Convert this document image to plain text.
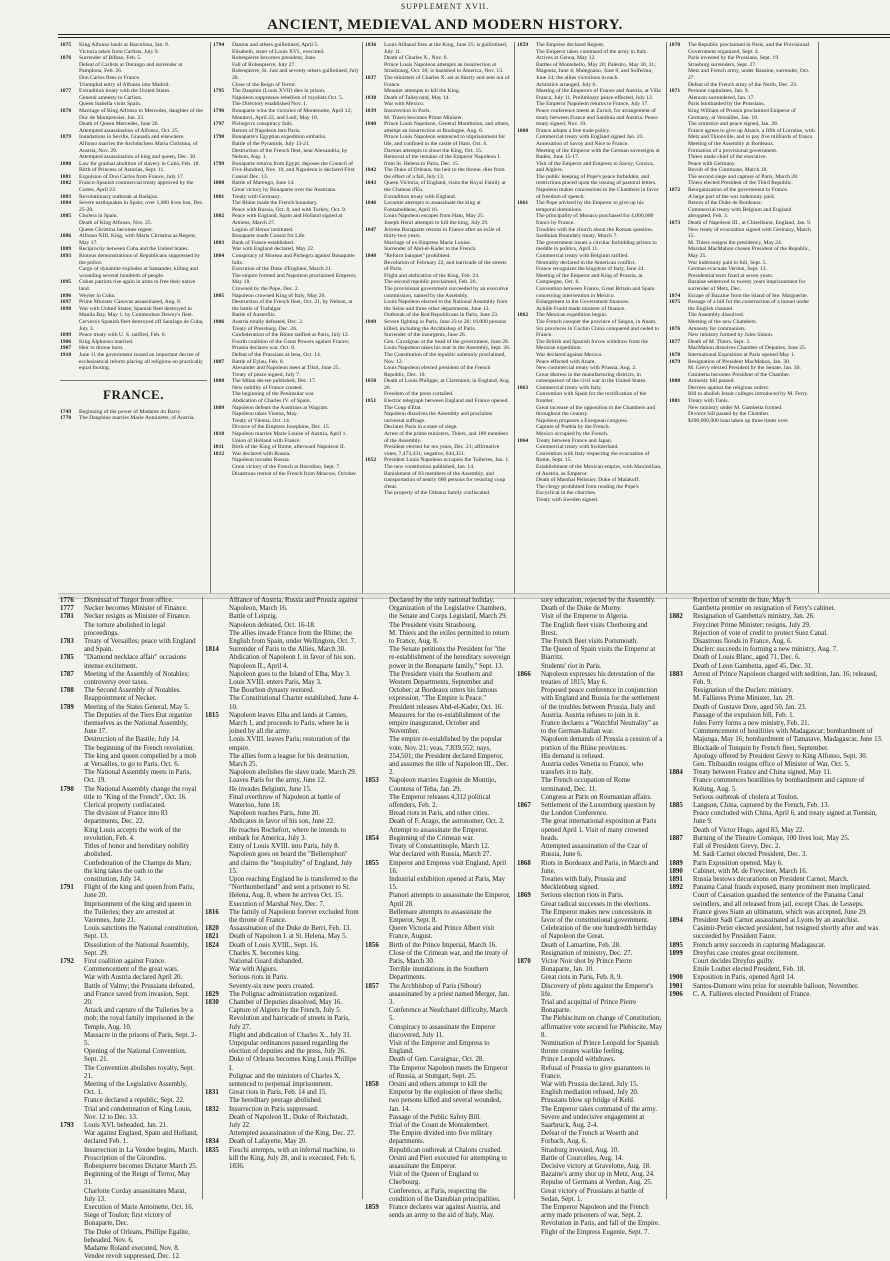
SUPPLEMENT XVII.
ANCIENT, MEDIEVAL AND MODERN HISTORY.
1875	King Alfonso lands at Barcelona, Jan. 9.
Victoria taken from Carlists, July 9.
1876	Surrender of Bilbao, Feb. 5.
Defeat of Carlists at Durango and surrender at Pamplona, Feb. 26.
Don Carlos flees to France.
Triumphal entry of Alfonso into Madrid.
1877	Extradition treaty with the United States.
General amnesty to Carlists.
Queen Isabella visits Spain.
1878	Marriage of King Alfonso to Mercedes, daughter of the Duc de Montpensier, Jan. 23.
Death of Queen Mercedes, June 26.
Attempted assassination of Alfonso, Oct. 25.
1879	Inundations in Seville, Granada and elsewhere.
Alfonso marries the Archduchess Maria Christina, of Austria, Nov. 29.
Attempted assassination of king and queen, Dec. 30.
1880	Law for gradual abolition of slavery in Cuba, Feb. 18.
Birth of Princess of Asturias, Sept. 11.
1881	Expulsion of Don Carlos from France, July 17.
1882	Franco-Spanish commercial treaty approved by the Cortes, April 23.
1883	Revolutionary outbreak at Badajoz.
1884	Severe earthquakes in Spain; over 1,000 lives lost, Dec. 25-28.
1885	Cholera in Spain.
Death of King Alfonso, Nov. 25.
Queen Christina becomes regent.
1886	Alfonso XIII. King, with Maria Christina as Regent, May 17.
1889	Reciprocity between Cuba and the United States.
1893	Riotous demonstrations of Republicans suppressed by the police.
Cargo of dynamite explodes at Santander, killing and wounding several hundreds of people.
1895	Cuban patriots rise again in arms to free their native land.
1896	Weyler in Cuba.
1897	Prime Minister Canovas assassinated, Aug. 8.
1898	War with United States; Spanish fleet destroyed in Manila Bay, May 1, by Commodore Dewey's fleet.
Cervera's Spanish fleet destroyed off Santiago de Cuba, July 3.
1899	Peace treaty with U. S. ratified, Feb. 6.
1906	King Alphonso married.
1907	Heir to throne born.
1910	June 11 the government issued an important decree of ecclesiastical reform placing all religions on practically equal footing.
FRANCE.
1749	Beginning of the power of Madame du Barry.
1770	The Dauphine marries Marie Antoinette, of Austria.
1794	Danton and others guillotined, April 5.
Elisabeth, sister of Louis XVI., executed.
Robespierre becomes president, June.
Fall of Robespierre, July 27.
Robespierre, St. Just and seventy others guillotined, July 28.
Close of the Reign of Terror.
1795	The Dauphin (Louis XVII) dies in prison.
Napoleon suppresses rebellion of royalists Oct. 5.
The Directory established Nov. 1.
1796	Bonaparte wins the victories of Montenotte, April 12; Mondovi, April 22, and Lodi, May 10.
1797	Pichegru's conspiracy fails.
Return of Napoleon into Paris.
1798	Bonaparte's Egyptian expedition embarks.
Battle of the Pyramids, July 13-21.
Destruction of the French fleet, near Alexandria, by Nelson, Aug. 1.
1799	Bonaparte returns from Egypt; deposes the Council of Five Hundred, Nov. 10, and Napoleon is declared First Consul Dec. 13.
1800	Battle of Marengo, June 14.
Great victory by Bonaparte over the Austrians.
1801	Treaty with Germany.
The Rhine made the French boundary.
Peace with Russia, Oct. 8, and with Turkey, Oct. 9.
1802	Peace with England, Spain and Holland signed at Amiens, March 27.
Legion of Honor instituted.
Bonaparte made Consul for Life.
1803	Bank of France established.
War with England declared, May 22.
1804	Conspiracy of Moreau and Pichegru against Bonaparte fails.
Execution of the Duke d'Enghien, March 21.
The empire formed and Napoleon proclaimed Emperor, May 18.
Crowned by the Pope, Dec. 2.
1805	Napoleon crowned King of Italy, May 26.
Destruction of the French fleet, Oct. 21, by Nelson, at the battle of Trafalgar.
Battle of Austerlitz.
1806	Austria totally defeated, Dec. 2.
Treaty of Pressburg, Dec. 26.
Confederation of the Rhine ratified at Paris, July 12.
Fourth coalition of the Great Powers against France; Prussia declares war, Oct. 8.
Defeat of the Prussians at Jena, Oct. 14.
1807	Battle of Eylau, Feb. 8.
Alexander and Napoleon meet at Tilsit, June 25.
Treaty of peace signed, July 7.
1808	The Milan decree published, Dec. 17.
New nobility of France created.
The beginning of the Peninsular war.
Abdication of Charles IV. of Spain.
1809	Napoleon defeats the Austrians at Wagram.
Napoleon takes Vienna, May.
Treaty of Vienna, Oct. 14.
Divorce of the Empress Josephine, Dec. 15.
1810	Napoleon marries Marie Louise of Austria, April 1.
Union of Holland with France.
1811	Birth of the King of Rome, afterward Napoleon II.
1812	War declared with Russia.
Napoleon invades Russia.
Great victory of the French at Borodino, Sept. 7.
Disastrous retreat of the French from Moscow, October.
1836	Louis Alibaud fires at the King, June 25; is guillotined, July 11.
Death of Charles X., Nov. 6.
Prince Louis Napoleon attempts an insurrection at Strasbourg, Oct. 30; is banished to America, Nov. 13.
1837	The ministers of Charles X. set at liberty and sent out of France.
Meunier attempts to kill the King.
1838	Death of Talleyrand, May 14.
War with Mexico.
1839	Insurrection in Paris.
M. Thiers becomes Prime Minister.
1840	Prince Louis Napoleon, General Montholon, and others, attempt an insurrection at Boulogne, Aug. 6.
Prince Louis Napoleon sentenced to imprisonment for life, and confined in the castle of Ham, Oct. 6.
Darmes attempts to shoot the King, Oct. 15.
Removal of the remains of the Emperor Napoleon I. from St. Helena to Paris, Dec. 15.
1842	The Duke of Orleans, the heir to the throne, dies from the effect of a fall, July 13.
1843	Queen Victoria, of England, visits the Royal Family at the Chateau d'Eu.
Extradition treaty with England.
1846	Lecomte attempts to assassinate the king at Fontainebleau, April 16.
Louis Napoleon escapes from Ham, May 25.
Joseph Henri attempts to kill the king, July 29.
1847	Jerome Bonaparte returns to France after an exile of thirty-two years.
Marriage of ex-Empress Marie Louise.
Surrender of Abd-el-Kader to the French.
1848	"Reform banquet" prohibited.
Revolution of February 22, and barricade of the streets of Paris.
Flight and abdication of the King, Feb. 24.
The second republic proclaimed, Feb. 26.
The provisional government succeeded by an executive commission, named by the Assembly.
Louis Napoleon elected to the National Assembly from the Seine and three other departments, June 13.
Outbreak of the Red Republicans in Paris, June 23.
1849	Severe fighting in Paris, June 23 to 26; 16,000 persons killed, including the Archbishop of Paris.
Surrender of the insurgents, June 26.
Gen. Cavaignac at the head of the government, June 28.
Louis Napoleon takes his seat in the Assembly, Sept. 26.
The Constitution of the republic solemnly proclaimed, Nov. 12.
Louis Napoleon elected president of the French Republic, Dec. 10.
1850	Death of Louis Philippe, at Claremont, in England, Aug. 26.
Freedom of the press curtailed.
1851	Electric telegraph between England and France opened.
The Coup d'Etat.
Napoleon dissolves the Assembly and proclaims universal suffrage.
Declares Paris in a state of siege.
Arrest of the prime ministers, Thiers, and 180 members of the Assembly.
President elected for ten years, Dec. 21; affirmative votes, 7,473,431; negative, 644,351.
1852	President Louis Napoleon occupies the Tuileries, Jan. 1.
The new constitution published, Jan. 14.
Banishment of 83 members of the Assembly, and transportation of nearly 600 persons for resisting coup d'etat.
The property of the Orleans family confiscated.
1859	The Empress declared Regent.
The Emperor takes command of the army in Italy. Arrives at Genoa, May 12.
Battles of Montebello, May 20; Palestro, May 30, 31; Magenta, June 4; Malegnano, June 8, and Solferino, June 24; the allies victorious in each.
Armistice arranged, July 6.
Meeting of the Emperors of France and Austria, at Villa Franca, July 11. Preliminary peace effected, July 12.
The Emperor Napoleon returns to France, July 17.
Peace conference meets at Zurich, for arrangement of treaty between France and Sardinia and Austria. Peace treaty signed, Nov. 10.
1860	France adopts a free trade policy.
Commercial treaty with England signed Jan. 23.
Annexation of Savoy and Nice to France.
Meeting of the Emperor with the German sovereigns at Baden, June 15-17.
Visit of the Emperor and Empress to Savoy, Corsica, and Algiers.
The public keeping of Pope's peace forbidden, and restrictions placed upon the issuing of pastoral letters.
Napoleon makes concessions to the Chambers in favor of freedom of speech.
1861	The Pope advised by the Emperor to give up his temporal dominions.
The principality of Monaco purchased for 4,000,000 francs by France.
Troubles with the church about the Roman question.
Sardinian Boundary treaty, March 7.
The government issues a circular forbidding priests to meddle in politics, April 11.
Commercial treaty with Belgium ratified.
Neutrality declared in the American conflict.
France recognizes the kingdom of Italy, June 24.
Meeting of the Emperor and King of Prussia, at Compiegne, Oct. 6.
Convention between France, Great Britain and Spain concerning intervention in Mexico.
Enlargement in the Government finances.
Achille Fould made minister of finance.
1862	The Mexican expedition begun.
The French conquer the province of Saigon, in Anam.
Six provinces in Cochin China conquered and ceded to France.
The British and Spanish forces withdraw from the Mexican expedition.
War declared against Mexico.
Peace effected with Anam.
New commercial treaty with Prussia, Aug. 2.
Great distress in the manufacturing districts, in consequence of the civil war in the United States.
1863	Commercial treaty with Italy.
Convention with Spain for the rectification of the frontier.
Great increase of the opposition in the Chambers and throughout the country.
Napoleon proposes a European congress.
Capture of Puebla by the French.
Mexico occupied by the French.
1864	Treaty between France and Japan.
Commercial treaty with Switzerland.
Convention with Italy respecting the evacuation of Rome, Sept. 15.
Establishment of the Mexican empire, with Maximilian, of Austria, as Emperor.
Death of Marshal Pelissier, Duke of Malakoff.
The clergy prohibited from reading the Pope's Encyclical in the churches.
Treaty with Sweden signed.
1870	The Republic proclaimed in Paris, and the Provisional Government organized, Sept. 4.
Paris invested by the Prussians, Sept. 19.
Strasburg surrenders, Sept. 27.
Metz and French army, under Bazaine, surrender, Oct. 27.
Defeat of the French army of the North, Dec. 23.
1871	Peronne capitulates, Jan. 9.
Alencon surrendered, Jan. 17.
Paris bombarded by the Prussians.
King William of Prussia proclaimed Emperor of Germany, at Versailles, Jan. 18.
The armistice and peace signed, Jan. 28.
France agrees to give up Alsace, a fifth of Lorraine, with Metz and Thionville, and to pay five milliards of francs.
Meeting of the Assembly at Bordeaux.
Formation of a provisional government.
Thiers made chief of the executive.
Peace with Germany.
Revolt of the Commune, March 18.
The second siege and capture of Paris, March 28.
Thiers elected President of the Third Republic.
1872	Reorganization of the government in France.
A large part of the war indemnity paid.
Return of the Duke de Bordeaux.
Commercial treaty with Belgium and England abrogated, Feb. 3.
1873	Death of Napoleon III., at Chiselhurst, England, Jan. 9.
New treaty of evacuation signed with Germany, March 15.
M. Thiers resigns the presidency, May 24.
Marshal MacMahon chosen President of the Republic, May 25.
War indemnity paid in full, Sept. 5.
German evacuate Verdun, Sept. 13.
Presidential term fixed at seven years.
Bazaine sentenced to twenty years imprisonment for surrender of Metz, Dec.
1874	Escape of Bazaine from the island of Ste. Marguerite.
1875	Passage of a bill for the construction of a tunnel under the English channel.
The Assembly dissolved.
Meeting of the new Chambers.
1876	Amnesty for communists.
New ministry formed by Jules Simon.
1877	Death of M. Thiers, Sept. 3.
MacMahon dissolves Chamber of Deputies, June 25.
1878	International Exposition at Paris opened May 1.
1879	Resignation of President MacMahon, Jan. 30.
M. Grevy elected President by the Senate, Jan. 30.
Gambetta becomes President of the Chamber.
1880	Amnesty bill passed.
Decrees against the religious orders.
Bill to abolish Jesuit colleges introduced by M. Ferry.
1881	Treaty with Tunis.
New ministry under M. Gambetta formed.
Divorce bill passed by the Chamber.
$200,000,000 loan taken up three times over.
1776	Dismissal of Turgot from office.
1777	Necker becomes Minister of Finance.
1781	Necker resigns as Minister of Finance.
The torture abolished in legal proceedings.
1783	Treaty of Versailles; peace with England and Spain.
1785	"Diamond necklace affair" occasions intense excitement.
1787	Meeting of the Assembly of Notables; controversy over taxes.
1788	The Second Assembly of Notables.
Reappointment of Necker.
1789	Meeting of the States General, May 5.
The Deputies of the Tiers Etat organize themselves as the National Assembly, June 17.
Destruction of the Bastile, July 14.
The beginning of the French revolution.
The king and queen compelled by a mob at Versailles, to go to Paris, Oct. 6.
The National Assembly meets in Paris, Oct. 19.
1790	The National Assembly change the royal title to "King of the French", Oct. 16.
Clerical property confiscated.
The division of France into 83 departments, Dec. 22.
King Louis accepts the work of the revolution, Feb. 4.
Titles of honor and hereditary nobility abolished.
Confederation of the Champs de Mars; the king takes the oath to the constitution, July 14.
1791	Flight of the king and queen from Paris, June 20.
Imprisonment of the king and queen in the Tuileries; they are arrested at Varennes, June 21.
Louis sanctions the National constitution, Sept. 13.
Dissolution of the National Assembly, Sept. 29.
1792	First coalition against France.
Commencement of the great wars.
War with Austria declared April 20.
Battle of Valmy; the Prussians defeated, and France saved from invasion, Sept. 20.
Attack and capture of the Tuileries by a mob; the royal family imprisoned in the Temple, Aug. 10.
Massacre in the prisons of Paris, Sept. 2-5.
Opening of the National Convention, Sept. 21.
The Convention abolishes royalty, Sept. 21.
Meeting of the Legislative Assembly, Oct. 1.
France declared a republic, Sept. 22.
Trial and condemnation of King Louis, Nov. 12 to Dec. 13.
1793	Louis XVI. beheaded, Jan. 21.
War against England, Spain and Holland, declared Feb. 1.
Insurrection in La Vendee begins, March.
Proscription of the Girondins.
Robespierre becomes Dictator March 25.
Beginning of the Reign of Terror, May 31.
Charlotte Corday assassinates Marat, July 13.
Execution of Marie Antoinette, Oct. 16.
Siege of Toulon; first victory of Bonaparte, Dec.
The Duke of Orleans, Phillipe Egalite, beheaded, Nov. 6.
Madame Roland executed, Nov. 8.
Vendee revolt suppressed, Dec. 12.
Alliance of Austria, Russia and Prussia against Napoleon, March 16.
Battle of Leipzig.
Napoleon defeated, Oct. 16-18.
The allies invade France from the Rhine; the English from Spain, under Wellington, Oct. 7.
1814	Surrender of Paris to the Allies, March 30.
Abdication of Napoleon I. in favor of his son, Napoleon II., April 4.
Napoleon goes to the Island of Elba, May 3.
Louis XVIII. enters Paris, May 3.
The Bourbon dynasty restored.
The Constitutional Charter established, June 4-10.
1815	Napoleon leaves Elba and lands at Cannes, March 1, and proceeds to Paris, where he is joined by all the army.
Louis XVIII. leaves Paris; restoration of the empire.
The allies form a league for his destruction, March 25.
Napoleon abolishes the slave trade, March 29.
Leaves Paris for the army, June 12.
He invades Belgium, June 15.
Final overthrow of Napoleon at battle of Waterloo, June 18.
Napoleon reaches Paris, June 20.
Abdicates in favor of his son, June 22.
He reaches Rochefort, where he intends to embark for America, July 3.
Entry of Louis XVIII. into Paris, July 8.
Napoleon goes on board the "Bellerophon" and claims the "hospitality" of England, July 15.
Upon reaching England he is transferred to the "Northumberland" and sent a prisoner to St. Helena, Aug. 8, where he arrives Oct. 15.
Execution of Marshal Ney, Dec. 7.
1816	The family of Napoleon forever excluded from the throne of France.
1820	Assassination of the Duke de Berri, Feb. 13.
1821	Death of Napoleon I. at St. Helena, May 5.
1824	Death of Louis XVIII., Sept. 16.
Charles X. becomes king.
National Guard disbanded.
War with Algiers.
Serious riots in Paris.
Seventy-six new peers created.
1829	The Polignac administration organized.
1830	Chamber of Deputies dissolved, May 16.
Capture of Algiers by the French, July 5.
Revolution and barricade of streets in Paris, July 27.
Flight and abdication of Charles X., July 31.
Unpopular ordinances passed regarding the election of deputies and the press, July 26.
Duke of Orleans becomes King Louis Phillipe I.
Polignac and the ministers of Charles X. sentenced to perpetual imprisonment.
1831	Great riots in Paris, Feb. 14 and 15.
The hereditary peerage abolished.
1832	Insurrection in Paris suppressed.
Death of Napoleon II., Duke of Reichstadt, July 22.
Attempted assassination of the King, Dec. 27.
1834	Death of Lafayette, May 20.
1835	Fieschi attempts, with an infernal machine, to kill the King, July 28, and is executed, Feb. 6, 1836.
Declared by the only national holiday.
Organization of the Legislative Chambers, the Senate and Corps Legislatif, March 29.
The President visits Strasbourg.
M. Thiers and the exiles permitted to return to France, Aug. 8.
The Senate petitions the President for "the re-establishment of the hereditary sovereign power in the Bonaparte family," Sept. 13.
The President visits the Southern and Western Departments, September and October; at Bordeaux utters his famous expression, "The Empire is Peace."
President releases Abd-el-Kader, Oct. 16.
Measures for the re-establishment of the empire inaugurated, October and November.
The empire re-established by the popular vote, Nov. 21; yeas, 7,839,552; nays, 254,501; the President declared Emperor, and assumes the title of Napoleon III., Dec. 2.
1853	Napoleon marries Eugenie de Montijo, Countess of Teba, Jan. 29.
The Emperor releases 4,312 political offenders, Feb. 2.
Bread riots in Paris, and other cities.
Death of F. Arago, the astronomer, Oct. 2.
Attempt to assassinate the Emperor.
1854	Beginning of the Crimean war.
Treaty of Constantinople, March 12.
War declared with Russia, March 27.
1855	Emperor and Empress visit England, April 16.
Industrial exhibition opened at Paris, May 15.
Pianori attempts to assassinate the Emperor, April 28.
Bellemare attempts to assassinate the Emperor, Sept. 8.
Queen Victoria and Prince Albert visit France, August.
1856	Birth of the Prince Imperial, March 16.
Close of the Crimean war, and the treaty of Paris, March 30.
Terrible inundations in the Southern Departments.
1857	The Archbishop of Paris (Sibour) assassinated by a priest named Merger, Jan. 3.
Conference at Neufchatel difficulty, March 5.
Conspiracy to assassinate the Emperor discovered, July 11.
Visit of the Emperor and Empress to England.
Death of Gen. Cavaignac, Oct. 28.
The Emperor Napoleon meets the Emperor of Russia, at Stuttgart, Sept. 25.
1858	Orsini and others attempt to kill the Emperor by the explosion of three shells; two persons killed and several wounded, Jan. 14.
Passage of the Public Safety Bill.
Trial of the Count de Montalembert.
The Empire divided into five military departments.
Republican outbreak at Chalons crushed.
Orsini and Pieri executed for attempting to assassinate the Emperor.
Visit of the Queen of England to Cherbourg.
Conference, at Paris, respecting the condition of the Danubian principalities.
1859	France declares war against Austria, and sends an army to the aid of Italy, May.
sory education, rejected by the Assembly.
Death of the Duke de Morny.
Visit of the Emperor to Algeria.
The English fleet visits Cherbourg and Brest.
The French fleet visits Portsmouth.
The Queen of Spain visits the Emperor at Biarritz.
Students' riot in Paris.
1866	Napoleon expresses his detestation of the treaties of 1815, May 6.
Proposed peace conference in conjunction with England and Russia for the settlement of the troubles between Prussia, Italy and Austria. Austria refuses to join in it.
France declares a "Watchful Neutrality" as to the German-Italian war.
Napoleon demands of Prussia a cession of a portion of the Rhine provinces.
His demand is refused.
Austria cedes Venetia to France, who transfers it to Italy.
The French occupation of Rome terminated, Dec. 11.
Congress at Paris on Roumanian affairs.
1867	Settlement of the Luxemburg question by the London Conference.
The great international exposition at Paris opened April 1. Visit of many crowned heads.
Attempted assassination of the Czar of Russia, June 6.
1868	Riots in Bordeaux and Paris, in March and June.
Treaties with Italy, Prussia and Mecklenburg signed.
1869	Serious election riots in Paris.
Great radical successes in the elections.
The Emperor makes new concessions in favor of the constitutional government.
Celebration of the one hundredth birthday of Napoleon the Great.
Death of Lamartine, Feb. 28.
Resignation of ministry, Dec. 27.
1870	Victor Noir shot by Prince Pierre Bonaparte, Jan. 10.
Great riots in Paris, Feb. 8, 9.
Discovery of plots against the Emperor's life.
Trial and acquittal of Prince Pierre Bonaparte.
The Plebiscitum on change of Constitution; affirmative vote secured for Plebiscite, May 8.
Nomination of Prince Leopold for Spanish throne creates warlike feeling.
Prince Leopold withdraws.
Refusal of Prussia to give guarantees to France.
War with Prussia declared, July 15.
English mediation refused, July 20.
Prussians blow up bridge of Kehl.
The Emperor takes command of the army.
Severe and undecisive engagement at Saarbruck, Aug. 2-4.
Defeat of the French at Woerth and Forbach, Aug. 6.
Strasburg invested, Aug. 10.
Battle of Courcelles, Aug. 14.
Decisive victory at Gravelotte, Aug. 18.
Bazaine's army shut up in Metz, Aug. 24.
Repulse of Germans at Verdun, Aug. 25.
Great victory of Prussians at battle of Sedan, Sept. 1.
The Emperor Napoleon and the French army made prisoners of war, Sept. 2.
Revolution in Paris, and fall of the Empire. Flight of the Empress Eugenie, Sept. 7.
Rejection of scrutin de liste, May 9.
Gambetta premier on resignation of Ferry's cabinet.
1882	Resignation of Gambetta's ministry, Jan. 26.
Freycinet Prime Minister; resigns, July 29.
Rejection of vote of credit to protect Suez Canal.
Disastrous floods in France, Aug. 6.
Duclerc succeeds in forming a new ministry, Aug. 7.
Death of Louis Blanc, aged 71, Dec. 6.
Death of Leon Gambetta, aged 45, Dec. 31.
1883	Arrest of Prince Napoleon charged with sedition, Jan. 16; released, Feb. 9.
Resignation of the Duclerc ministry.
M. Fallieres Prime Minister, Jan. 29.
Death of Gustave Dore, aged 50, Jan. 23.
Passage of the expulsion bill, Feb. 1.
Jules Ferry forms a new ministry, Feb. 21.
Commencement of hostilities with Madagascar; bombardment of Majunga, May 16; bombardment of Tamatave, Madagascar, June 13.
Blockade of Tonquin by French fleet, September.
Apology offered by President Grevy to King Alfonso, Sept. 30.
Gen. Thibaudin resigns office of Minister of War, Oct. 5.
1884	Treaty between France and China signed, May 11.
France commences hostilities by bombardment and capture of Kelung, Aug. 5.
Serious outbreak of cholera at Toulon.
1885	Langson, China, captured by the French, Feb. 13.
Peace concluded with China, April 6, and treaty signed at Tientsin, June 9.
Death of Victor Hugo, aged 83, May 22.
1887	Burning of the Theatre Comique, 100 lives lost, May 25.
Fall of President Grevy, Dec. 2.
M. Sadi Carnot elected President, Dec. 3.
1889	Paris Exposition opened, May 6.
1890	Cabinet, with M. de Freycinet, March 16.
1891	Russia bestows decorations on President Carnot, March.
1892	Panama Canal frauds exposed, many prominent men implicated.
Court of Cassation quashed the sentence of the Panama Canal swindlers, and all released from jail, except Chas. de Lesseps.
France gives Siam an ultimatum, which was accepted, June 29.
1894	President Sadi Carnot assassinated at Lyons by an anarchist.
Casimir-Perier elected president, but resigned shortly after and was succeeded by President Faure.
1895	French army succeeds in capturing Madagascar.
1899	Dreyfus case creates great excitement.
Court decides Dreyfus guilty.
Emile Loubet elected President, Feb. 18.
1900	Exposition in Paris, opened April 14.
1901	Santos-Dumont wins prize for steerable balloon, November.
1906	C. A. Fallieres elected President of France.
